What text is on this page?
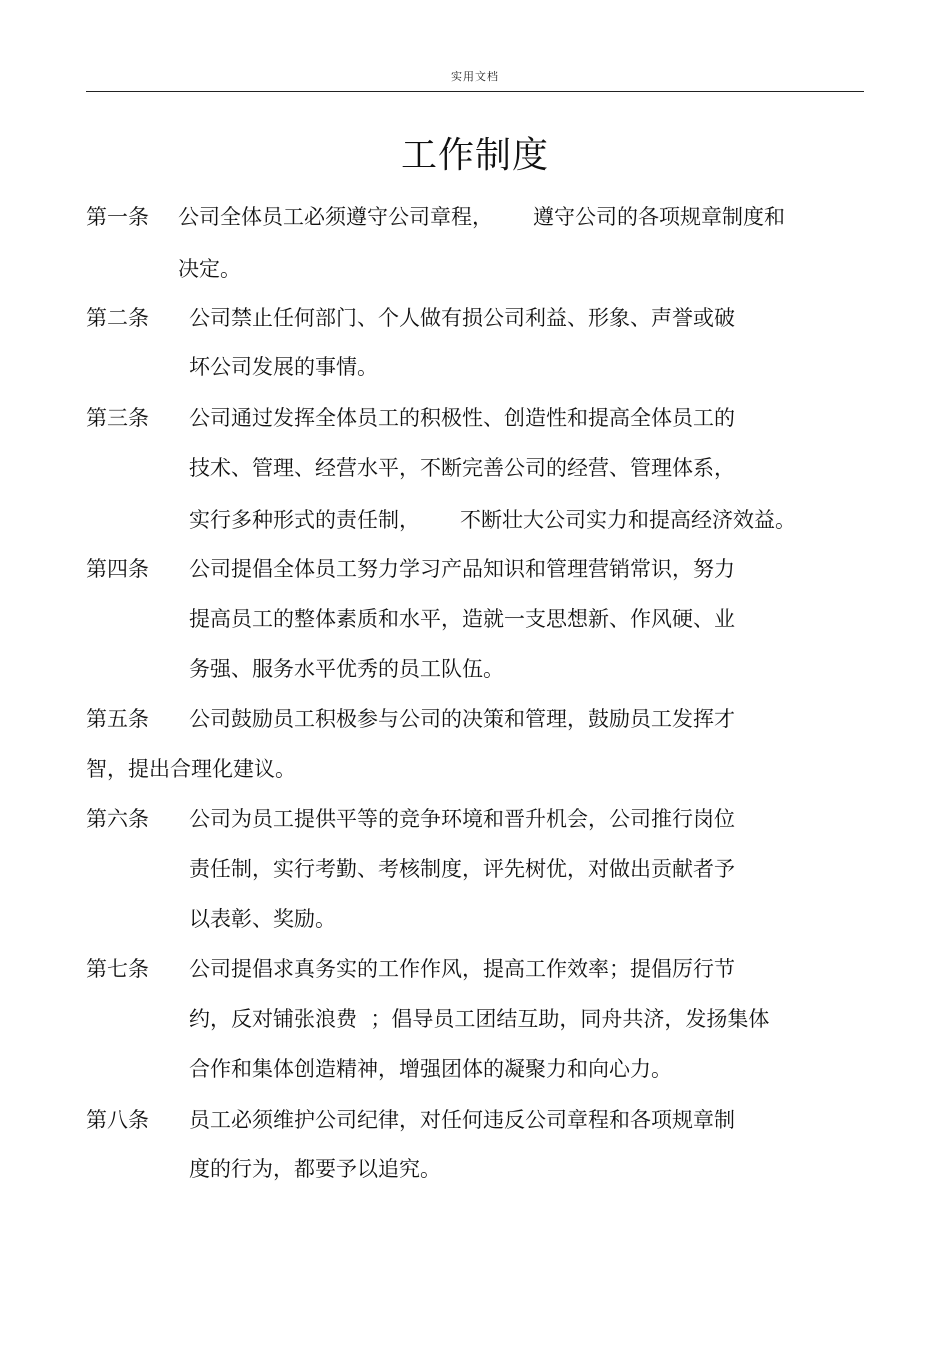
实用文档
工作制度
第一条 公司全体员工必须遵守公司章程，      遵守公司的各项规章制度和
决定。
第二条 公司禁止任何部门、个人做有损公司利益、形象、声誉或破
坏公司发展的事情。
第三条 公司通过发挥全体员工的积极性、创造性和提高全体员工的
技术、管理、经营水平，不断完善公司的经营、管理体系，
实行多种形式的责任制，      不断壮大公司实力和提高经济效益。
第四条 公司提倡全体员工努力学习产品知识和管理营销常识，努力
提高员工的整体素质和水平，造就一支思想新、作风硬、业
务强、服务水平优秀的员工队伍。
第五条 公司鼓励员工积极参与公司的决策和管理，鼓励员工发挥才
智，提出合理化建议。
第六条 公司为员工提供平等的竞争环境和晋升机会，公司推行岗位
责任制，实行考勤、考核制度，评先树优，对做出贡献者予
以表彰、奖励。
第七条 公司提倡求真务实的工作作风，提高工作效率；提倡厉行节
约，反对铺张浪费  ；倡导员工团结互助，同舟共济，发扬集体
合作和集体创造精神，增强团体的凝聚力和向心力。
第八条 员工必须维护公司纪律，对任何违反公司章程和各项规章制
度的行为，都要予以追究。
